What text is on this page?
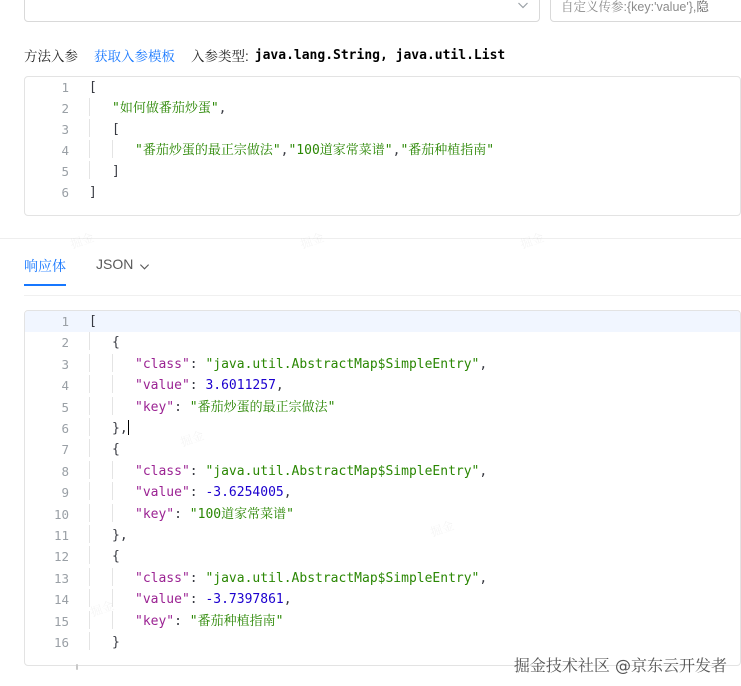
自定义传参:{key:'value'},隐
方法入参 获取入参模板 入参类型: java.lang.String, java.util.List
1	[
2	"如何做番茄炒蛋",
3	[
4	"番茄炒蛋的最正宗做法","100道家常菜谱","番茄种植指南"
5	]
6	]
响应体 JSON
1	[
2	{
3	"class": "java.util.AbstractMap$SimpleEntry",
4	"value": 3.6011257,
5	"key": "番茄炒蛋的最正宗做法"
6	},
7	{
8	"class": "java.util.AbstractMap$SimpleEntry",
9	"value": -3.6254005,
10	"key": "100道家常菜谱"
11	},
12	{
13	"class": "java.util.AbstractMap$SimpleEntry",
14	"value": -3.7397861,
15	"key": "番茄种植指南"
16	}
掘金技术社区 @京东云开发者
